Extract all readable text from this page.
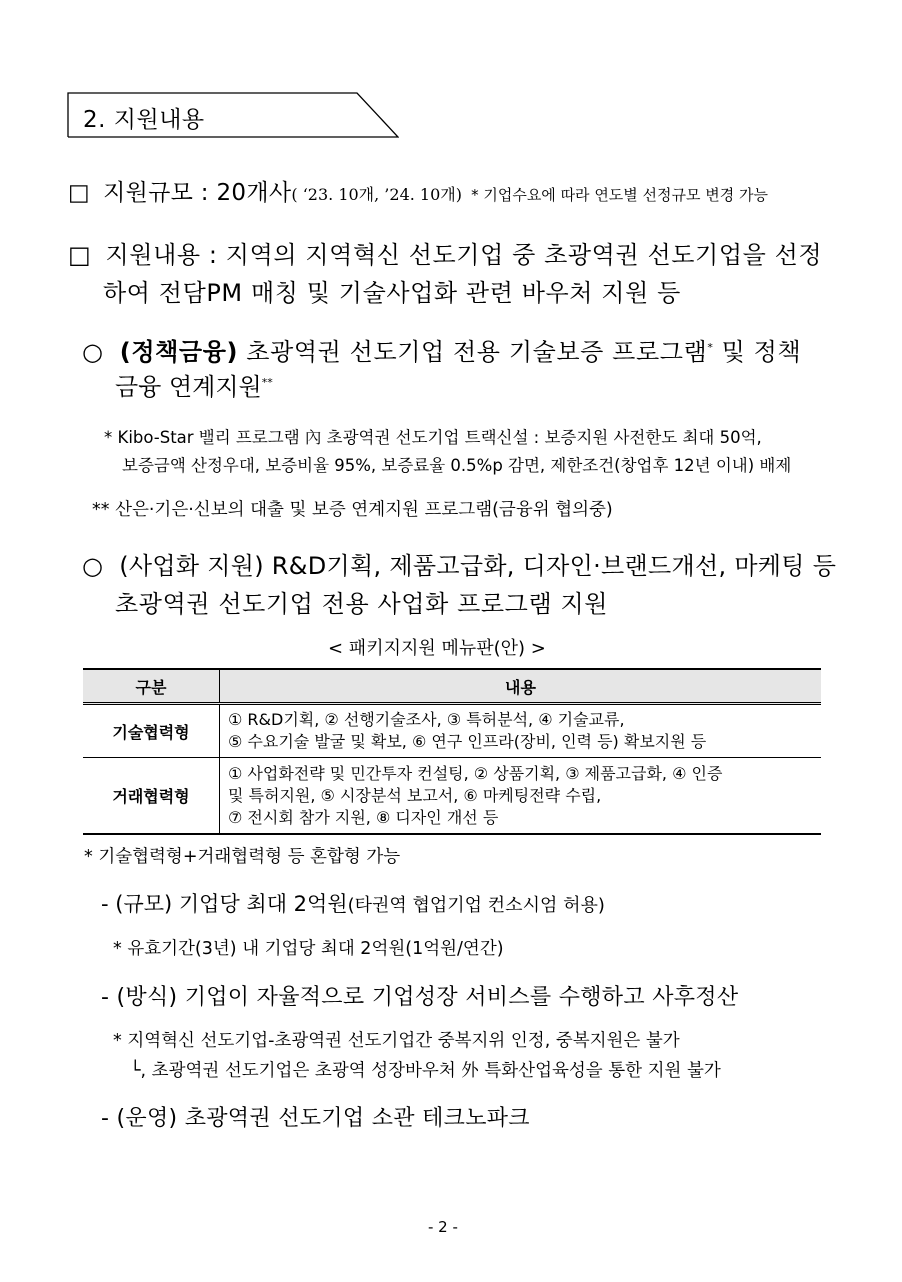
2. 지원내용
□ 지원규모 : 20개사( ‘23. 10개, ’24. 10개) * 기업수요에 따라 연도별 선정규모 변경 가능
□ 지원내용 : 지역의 지역혁신 선도기업 중 초광역권 선도기업을 선정
하여 전담PM 매칭 및 기술사업화 관련 바우처 지원 등
○ (정책금융) 초광역권 선도기업 전용 기술보증 프로그램* 및 정책
금융 연계지원**
* Kibo-Star 밸리 프로그램 內 초광역권 선도기업 트랙신설 : 보증지원 사전한도 최대 50억,
보증금액 산정우대, 보증비율 95%, 보증료율 0.5%p 감면, 제한조건(창업후 12년 이내) 배제
** 산은·기은·신보의 대출 및 보증 연계지원 프로그램(금융위 협의중)
○ (사업화 지원) R&D기획, 제품고급화, 디자인·브랜드개선, 마케팅 등
초광역권 선도기업 전용 사업화 프로그램 지원
< 패키지지원 메뉴판(안) >
구분	내용
기술협력형	① R&D기획, ② 선행기술조사, ③ 특허분석, ④ 기술교류,
⑤ 수요기술 발굴 및 확보, ⑥ 연구 인프라(장비, 인력 등) 확보지원 등

거래협력형	① 사업화전략 및 민간투자 컨설팅, ② 상품기획, ③ 제품고급화, ④ 인증
및 특허지원, ⑤ 시장분석 보고서, ⑥ 마케팅전략 수립,
⑦ 전시회 참가 지원, ⑧ 디자인 개선 등
* 기술협력형+거래협력형 등 혼합형 가능
- (규모) 기업당 최대 2억원(타권역 협업기업 컨소시엄 허용)
* 유효기간(3년) 내 기업당 최대 2억원(1억원/연간)
- (방식) 기업이 자율적으로 기업성장 서비스를 수행하고 사후정산
* 지역혁신 선도기업-초광역권 선도기업간 중복지위 인정, 중복지원은 불가
└, 초광역권 선도기업은 초광역 성장바우처 外 특화산업육성을 통한 지원 불가
- (운영) 초광역권 선도기업 소관 테크노파크
- 2 -
